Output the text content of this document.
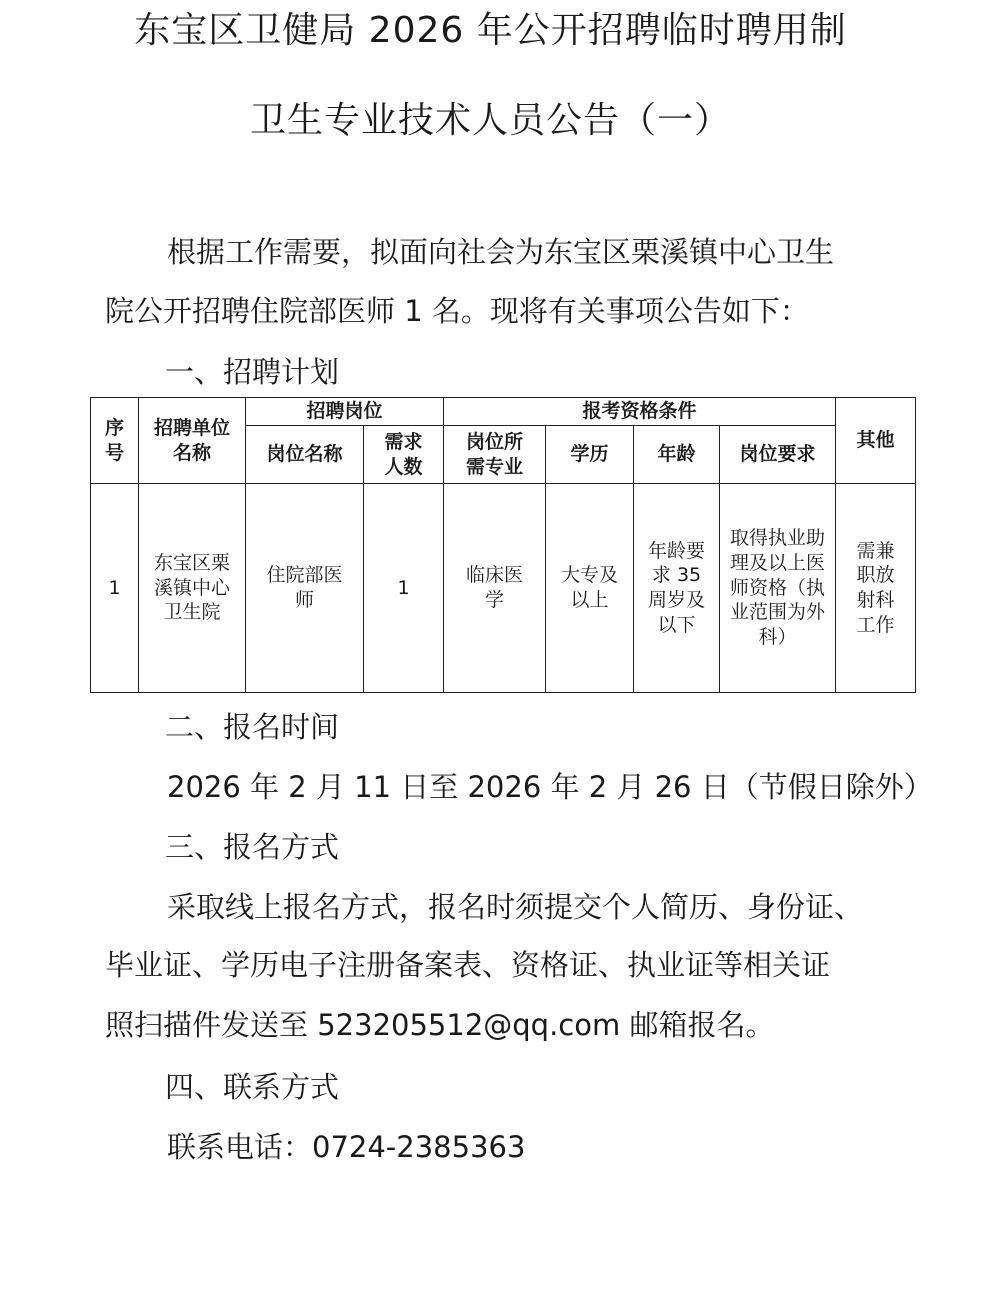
东宝区卫健局 2026 年公开招聘临时聘用制
卫生专业技术人员公告（一）
根据工作需要，拟面向社会为东宝区栗溪镇中心卫生
院公开招聘住院部医师 1 名。现将有关事项公告如下：
一、招聘计划
序号	招聘单位名称	招聘岗位		报考资格条件				其他
		岗位名称	需求人数	岗位所需专业	学历	年龄	岗位要求	
1	东宝区栗溪镇中心卫生院	住院部医师	1	临床医学	大专及以上	年龄要求 35 周岁及以下	取得执业助理及以上医师资格（执业范围为外科）	需兼职放射科工作
二、报名时间
2026 年 2 月 11 日至 2026 年 2 月 26 日（节假日除外）
三、报名方式
采取线上报名方式，报名时须提交个人简历、身份证、
毕业证、学历电子注册备案表、资格证、执业证等相关证
照扫描件发送至 523205512@qq.com 邮箱报名。
四、联系方式
联系电话：0724-2385363
